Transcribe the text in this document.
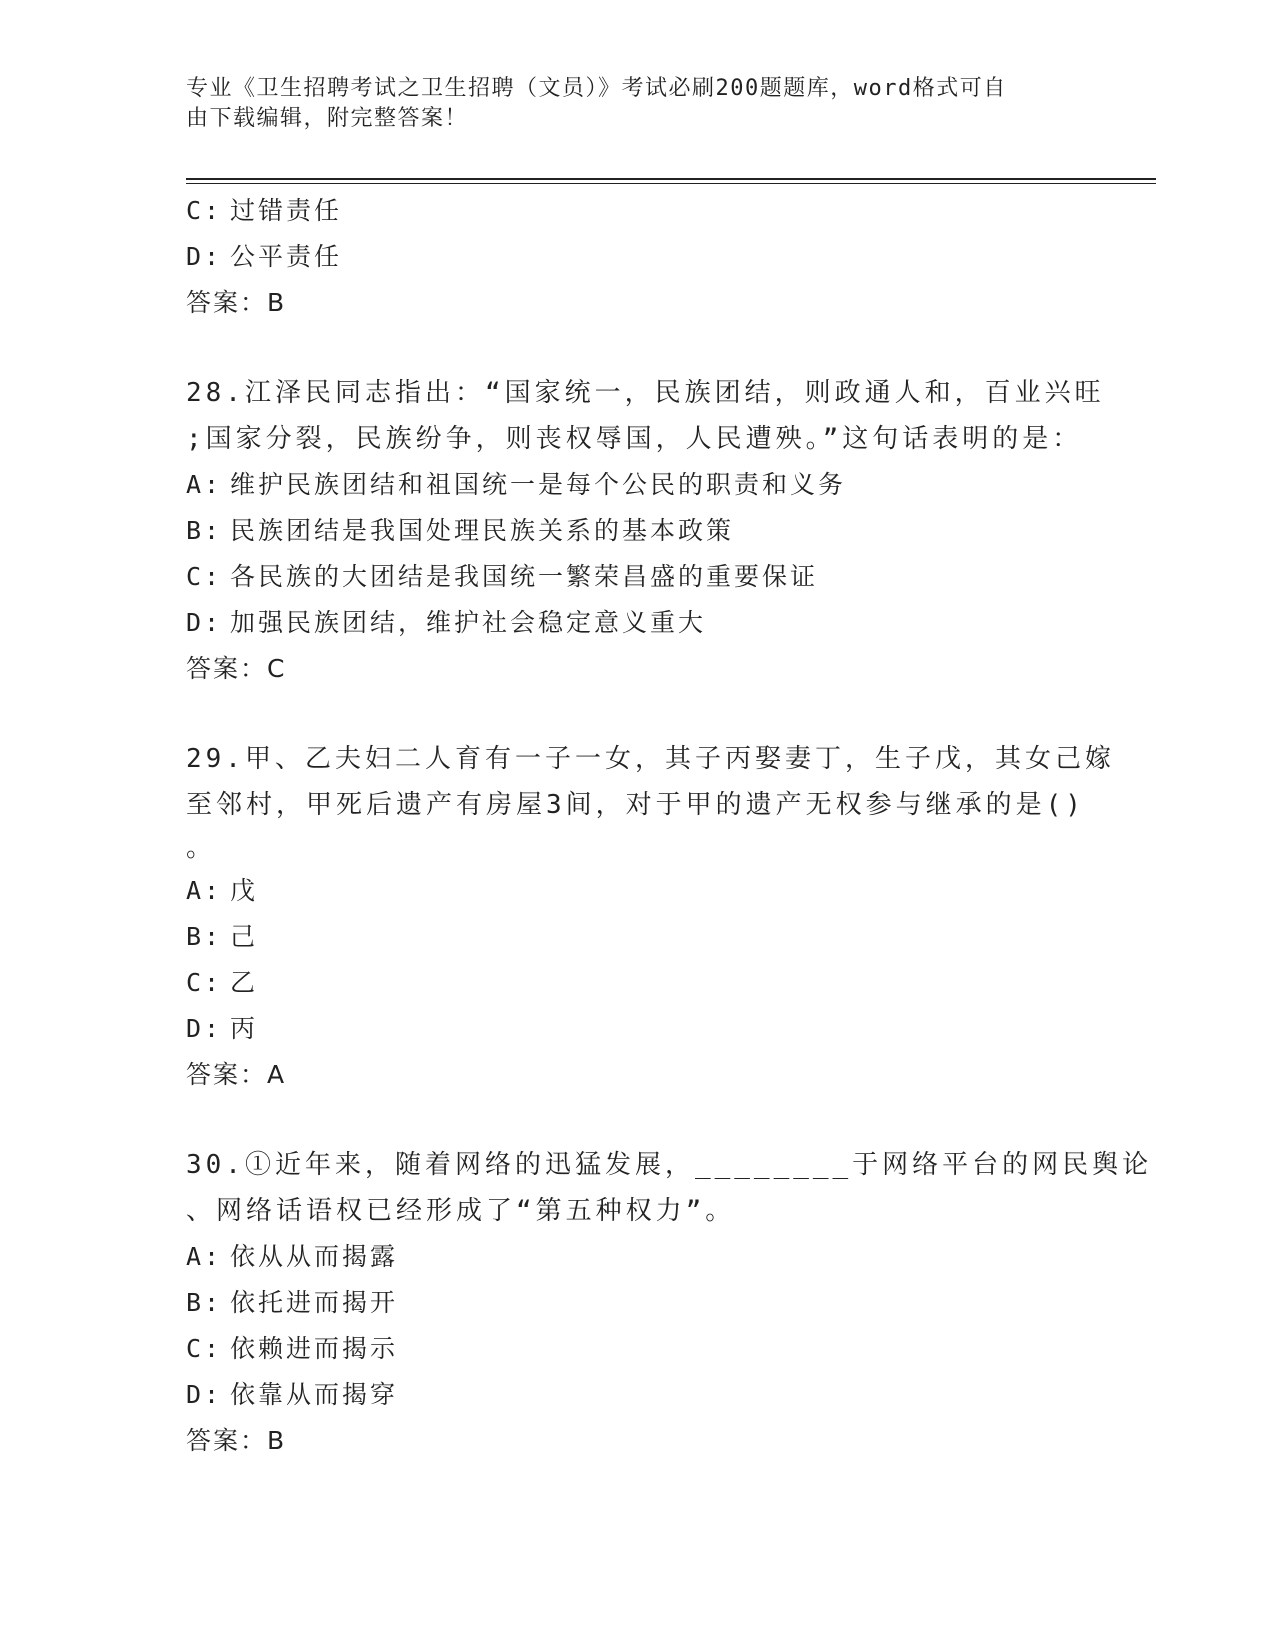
专业《卫生招聘考试之卫生招聘（文员）》考试必刷200题题库，word格式可自
由下载编辑，附完整答案！
C: 过错责任
D: 公平责任
答案：B
28.江泽民同志指出：“国家统一，民族团结，则政通人和，百业兴旺
;国家分裂，民族纷争，则丧权辱国，人民遭殃。”这句话表明的是：
A: 维护民族团结和祖国统一是每个公民的职责和义务
B: 民族团结是我国处理民族关系的基本政策
C: 各民族的大团结是我国统一繁荣昌盛的重要保证
D: 加强民族团结，维护社会稳定意义重大
答案：C
29.甲、乙夫妇二人育有一子一女，其子丙娶妻丁，生子戊，其女己嫁
至邻村，甲死后遗产有房屋3间，对于甲的遗产无权参与继承的是()
。
A: 戊
B: 己
C: 乙
D: 丙
答案：A
30.①近年来，随着网络的迅猛发展，________于网络平台的网民舆论
、网络话语权已经形成了“第五种权力”。
A: 依从从而揭露
B: 依托进而揭开
C: 依赖进而揭示
D: 依靠从而揭穿
答案：B
